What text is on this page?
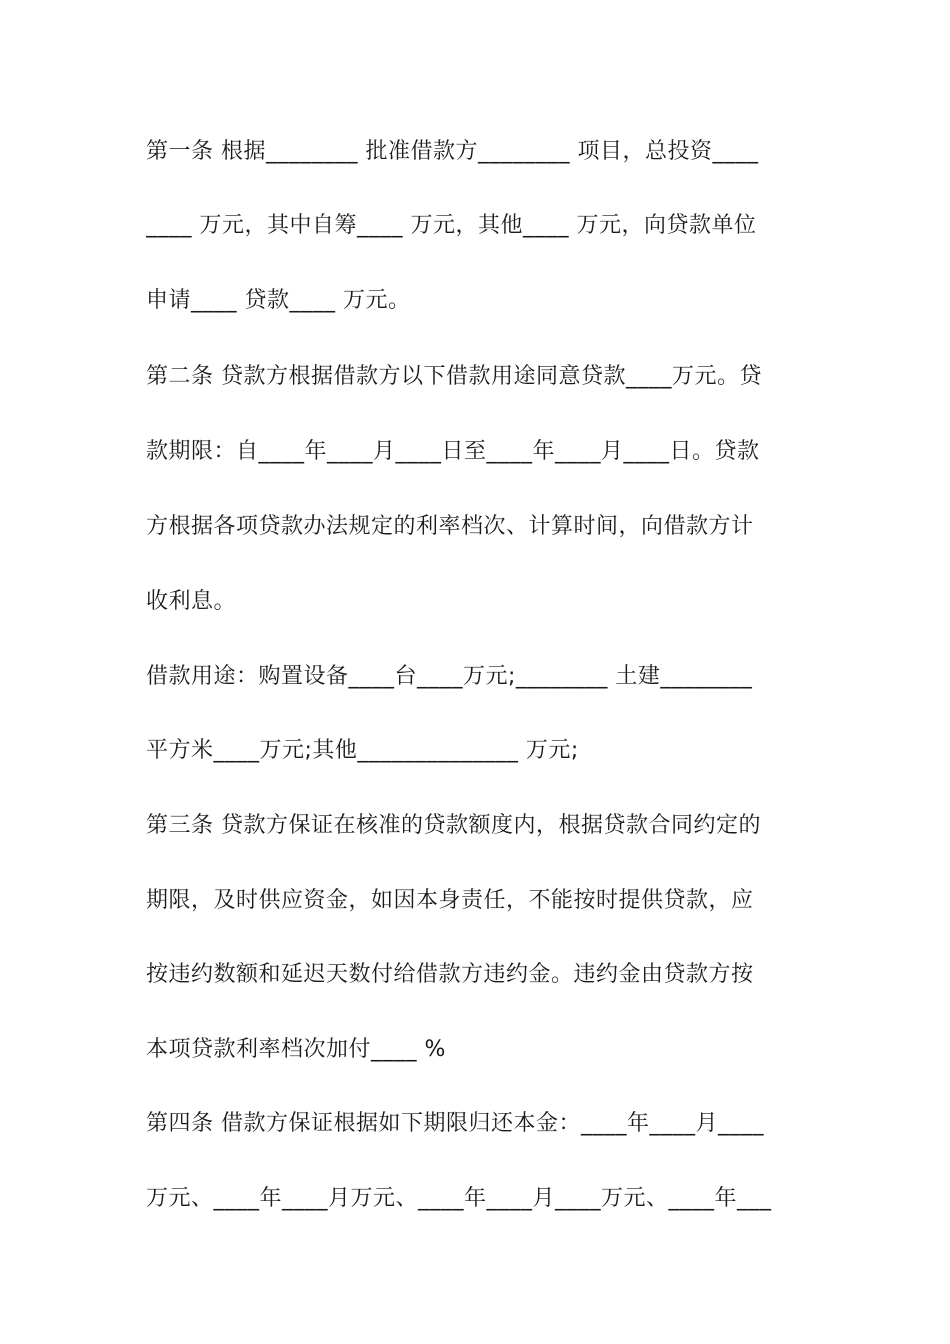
第一条 根据________ 批准借款方________ 项目，总投资____
____ 万元，其中自筹____ 万元，其他____ 万元，向贷款单位
申请____ 贷款____ 万元。
第二条 贷款方根据借款方以下借款用途同意贷款____万元。贷
款期限：自____年____月____日至____年____月____日。贷款
方根据各项贷款办法规定的利率档次、计算时间，向借款方计
收利息。
借款用途：购置设备____台____万元;________ 土建________
平方米____万元;其他______________ 万元;
第三条 贷款方保证在核准的贷款额度内，根据贷款合同约定的
期限，及时供应资金，如因本身责任，不能按时提供贷款，应
按违约数额和延迟天数付给借款方违约金。违约金由贷款方按
本项贷款利率档次加付____ %
第四条 借款方保证根据如下期限归还本金：____年____月____
万元、____年____月万元、____年____月____万元、____年___
